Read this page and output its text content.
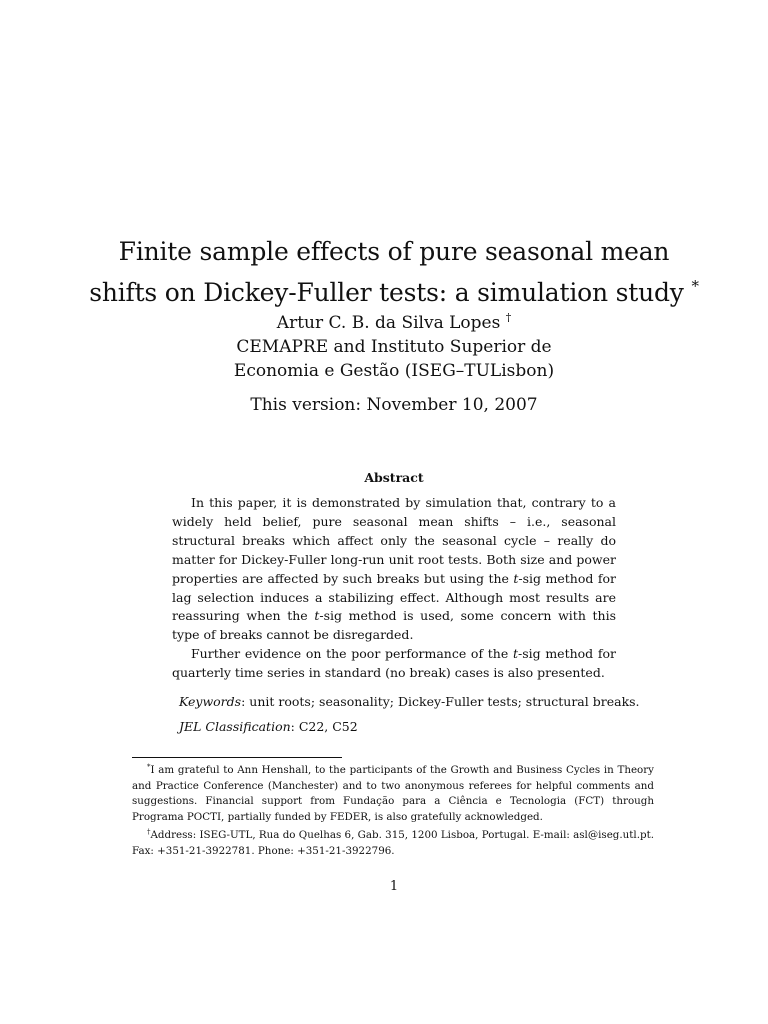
Finite sample effects of pure seasonal mean
shifts on Dickey-Fuller tests: a simulation study *
Artur C. B. da Silva Lopes †
CEMAPRE and Instituto Superior de
Economia e Gestão (ISEG–TULisbon)
This version: November 10, 2007
Abstract

In this paper, it is demonstrated by simulation that, contrary to a widely held belief, pure seasonal mean shifts – i.e., seasonal structural breaks which affect only the seasonal cycle – really do matter for Dickey-Fuller long-run unit root tests. Both size and power properties are affected by such breaks but using the t-sig method for lag selection induces a stabilizing effect. Although most results are reassuring when the t-sig method is used, some concern with this type of breaks cannot be disregarded.

Further evidence on the poor performance of the t-sig method for quarterly time series in standard (no break) cases is also presented.

Keywords: unit roots; seasonality; Dickey-Fuller tests; structural breaks.
JEL Classification: C22, C52

*I am grateful to Ann Henshall, to the participants of the Growth and Business Cycles in Theory and Practice Conference (Manchester) and to two anonymous referees for helpful comments and suggestions. Financial support from Fundação para a Ciência e Tecnologia (FCT) through Programa POCTI, partially funded by FEDER, is also gratefully acknowledged.

†Address: ISEG-UTL, Rua do Quelhas 6, Gab. 315, 1200 Lisboa, Portugal. E-mail: asl@iseg.utl.pt. Fax: +351-21-3922781. Phone: +351-21-3922796.

1
